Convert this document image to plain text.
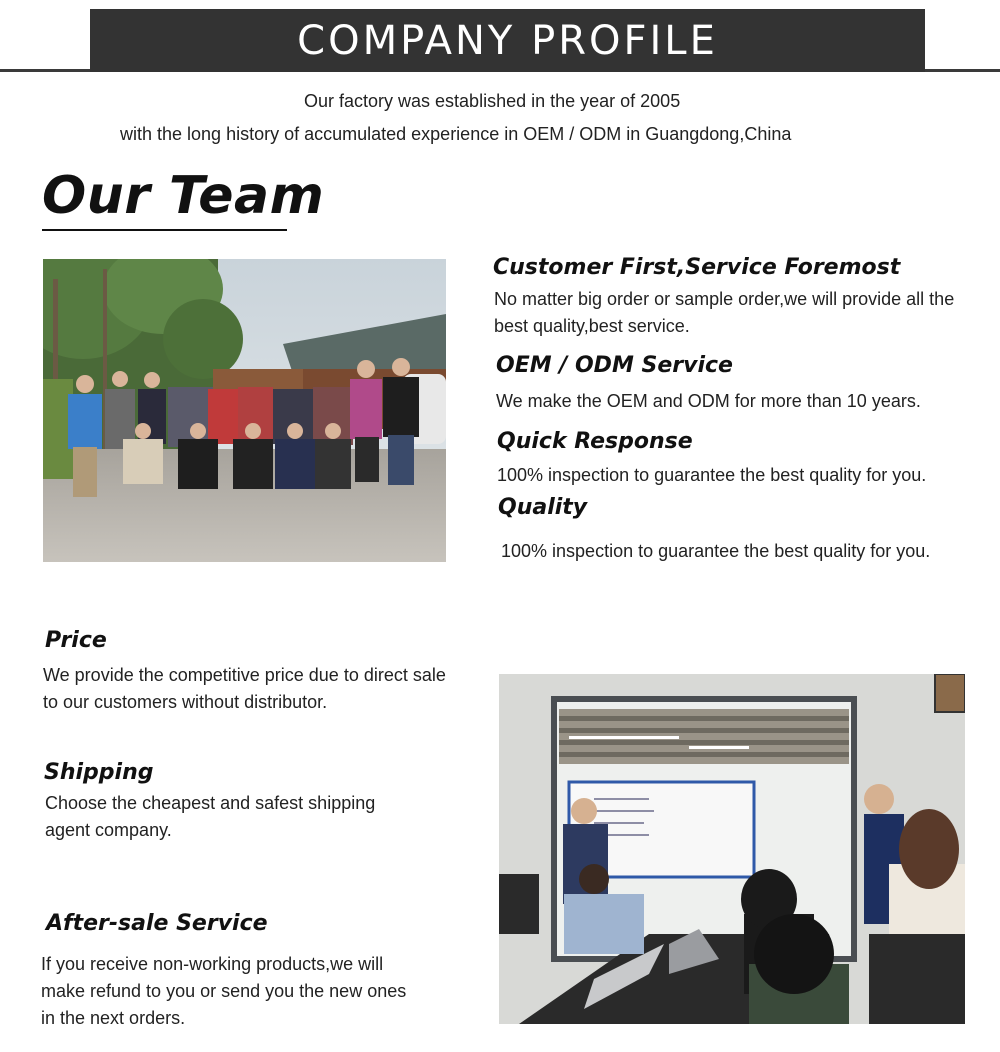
COMPANY PROFILE
Our factory was established in the year of 2005
with the long history of accumulated experience in OEM / ODM in Guangdong,China
Our Team
Customer First,Service Foremost
No matter big order or sample order,we will provide all the
best quality,best service.
OEM / ODM Service
We make the OEM and ODM for more than 10 years.
Quick Response
100% inspection to guarantee the best quality for you.
Quality
100% inspection to guarantee the best quality for you.
Price
We provide the competitive price due to direct sale
to our customers without distributor.
Shipping
Choose the cheapest and safest shipping
agent company.
After-sale Service
If you receive non-working products,we will
make refund to you or send you the new ones
in the next orders.
